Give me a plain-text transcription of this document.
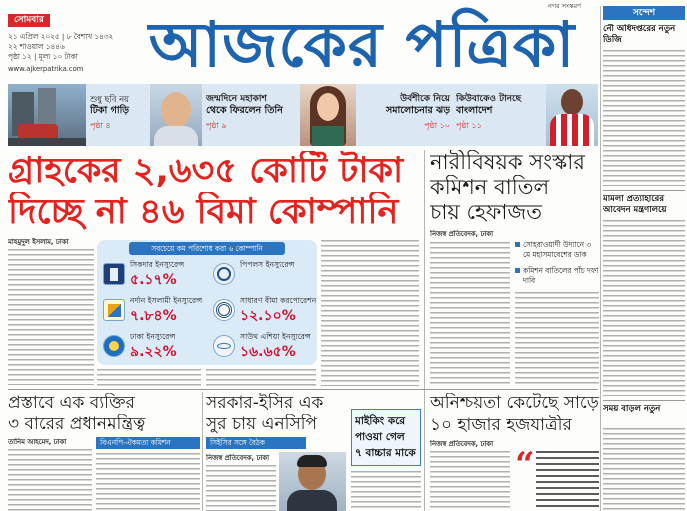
সোমবার
২১ এপ্রিল ২০২৫ | ৮ বৈশাখ ১৪৩২
২২ শাওয়াল ১৪৪৬
পৃষ্ঠা ১২ | মূল্য ১০ টাকা
www.ajkerpatrika.com
নগর সংস্করণ
আজকের পত্রিকা	সন্দেশ
নৌ অধিদপ্তরের নতুন ডিজি
মামলা প্রত্যাহারের আবেদন মন্ত্রণালয়ে
সময় বাড়ল নতুন
শুধু ছবি নয়
টিকা গাড়ি
পৃষ্ঠা ৪
জন্মদিনে মহাকাশ
থেকে ফিরলেন তিনি
পৃষ্ঠা ৯
উর্বশীকে নিয়ে
সমালোচনার ঝড়
পৃষ্ঠা ১০
কিউবাকেও টানছে
বাংলাদেশ
পৃষ্ঠা ১১
গ্রাহকের ২,৬৩৫ কোটি টাকা
দিচ্ছে না ৪৬ বিমা কোম্পানি
নারীবিষয়ক সংস্কার
কমিশন বাতিল
চায় হেফাজত
নিজস্ব প্রতিবেদক, ঢাকা
মাহমুদুল ইসলাম, ঢাকা
সবচেয়ে কম পরিশোধ করা ৬ কোম্পানি
সিকদার ইনস্যুরেন্স
৫.১৭%
নর্দান ইসলামী ইনস্যুরেন্স
৭.৮৪%
ঢাকা ইনস্যুরেন্স
৯.২২%
পিপলস ইনস্যুরেন্স
সাধারণ বীমা করপোরেশন
১২.১০%
সাউথ এশিয়া ইনস্যুরেন্স
১৬.৬৫%
সোহরাওয়ার্দী উদ্যানে ৩ মে মহাসমাবেশের ডাক
কমিশন বাতিলের পাঁচ দফা দাবি
প্রস্তাবে এক ব্যক্তির
৩ বারের প্রধানমন্ত্রিত্ব
তানিম আহমেদ, ঢাকা	বিএনপি-ঐকমত্য কমিশন
সরকার-ইসির এক
সুর চায় এনসিপি
সিইসির সঙ্গে বৈঠক
নিজস্ব প্রতিবেদক, ঢাকা
মাইকিং করে
পাওয়া গেল
৭ বাচ্চার মাকে
অনিশ্চয়তা কেটেছে সাড়ে
১০ হাজার হজযাত্রীর
নিজস্ব প্রতিবেদক, ঢাকা
“
